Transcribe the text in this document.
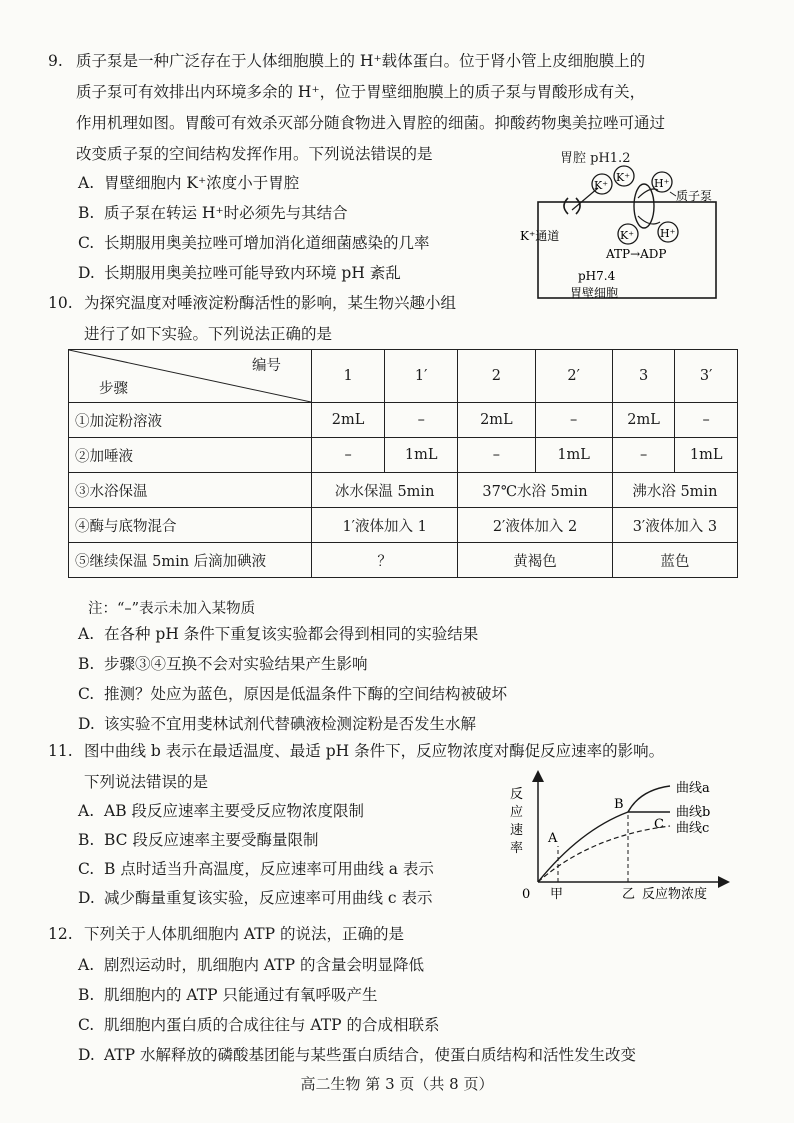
9. 质子泵是一种广泛存在于人体细胞膜上的 H⁺载体蛋白。位于肾小管上皮细胞膜上的
质子泵可有效排出内环境多余的 H⁺，位于胃壁细胞膜上的质子泵与胃酸形成有关，
作用机理如图。胃酸可有效杀灭部分随食物进入胃腔的细菌。抑酸药物奥美拉唑可通过
改变质子泵的空间结构发挥作用。下列说法错误的是
A. 胃壁细胞内 K⁺浓度小于胃腔
B. 质子泵在转运 H⁺时必须先与其结合
C. 长期服用奥美拉唑可增加消化道细菌感染的几率
D. 长期服用奥美拉唑可能导致内环境 pH 紊乱
胃腔 pH1.2
K⁺
K⁺ H⁺
K⁺ H⁺
质子泵
K⁺通道
ATP→ADP
pH7.4
胃壁细胞
10. 为探究温度对唾液淀粉酶活性的影响，某生物兴趣小组
进行了如下实验。下列说法正确的是
编号
步骤	1	1′	2	2′	3	3′
①加淀粉溶液	2mL	–	2mL	–	2mL	–
②加唾液	–	1mL	–	1mL	–	1mL
③水浴保温	冰水保温 5min		37℃水浴 5min		沸水浴 5min	
④酶与底物混合	1′液体加入 1		2′液体加入 2		3′液体加入 3	
⑤继续保温 5min 后滴加碘液	？		黄褐色		蓝色	
注：“–”表示未加入某物质
A. 在各种 pH 条件下重复该实验都会得到相同的实验结果
B. 步骤③④互换不会对实验结果产生影响
C. 推测？处应为蓝色，原因是低温条件下酶的空间结构被破坏
D. 该实验不宜用斐林试剂代替碘液检测淀粉是否发生水解
11. 图中曲线 b 表示在最适温度、最适 pH 条件下，反应物浓度对酶促反应速率的影响。
下列说法错误的是
A. AB 段反应速率主要受反应物浓度限制
B. BC 段反应速率主要受酶量限制
C. B 点时适当升高温度，反应速率可用曲线 a 表示
D. 减少酶量重复该实验，反应速率可用曲线 c 表示
反
应
速
率
0 甲	乙 反应物浓度
A
B
C
曲线a
曲线b
曲线c
12. 下列关于人体肌细胞内 ATP 的说法，正确的是
A. 剧烈运动时，肌细胞内 ATP 的含量会明显降低
B. 肌细胞内的 ATP 只能通过有氧呼吸产生
C. 肌细胞内蛋白质的合成往往与 ATP 的合成相联系
D. ATP 水解释放的磷酸基团能与某些蛋白质结合，使蛋白质结构和活性发生改变
高二生物 第 3 页（共 8 页）
